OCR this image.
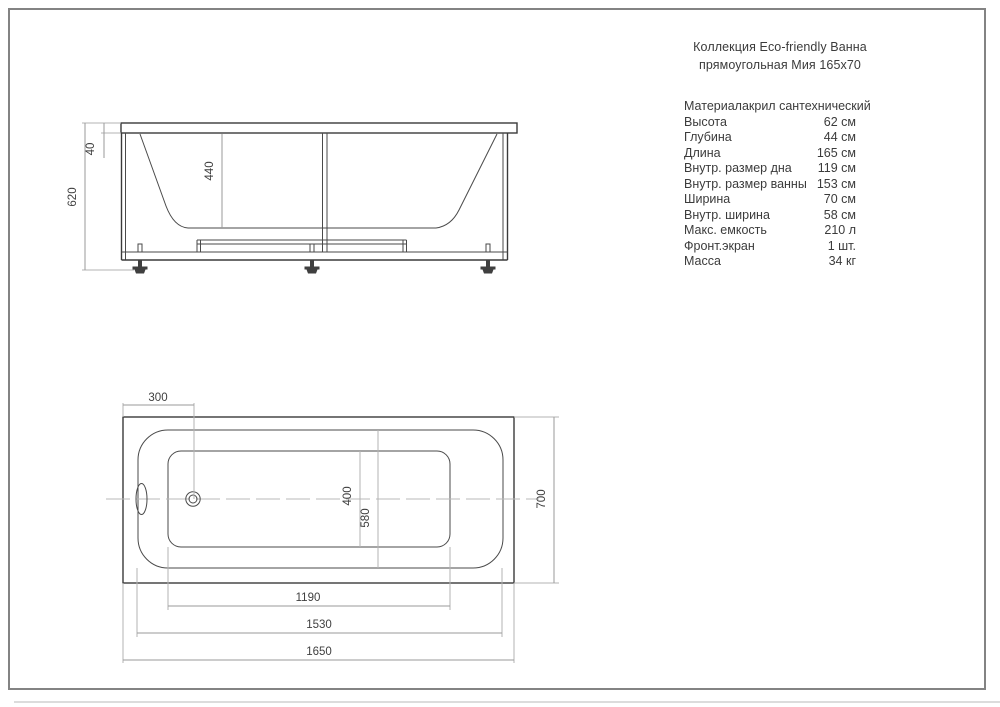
620
40
440
300
400
580
700
1190
1530
1650
Коллекция Eco-friendly Ванна
прямоугольная Мия 165х70
Материал акрил сантехнический
Высота	62 см
Глубина	44 см
Длина	165 см
Внутр. размер дна 119 см
Внутр. размер ванны 153 см
Ширина	70 см
Внутр. ширина	58 см
Макс. емкость	210 л
Фронт.экран	1 шт.
Масса	34 кг
